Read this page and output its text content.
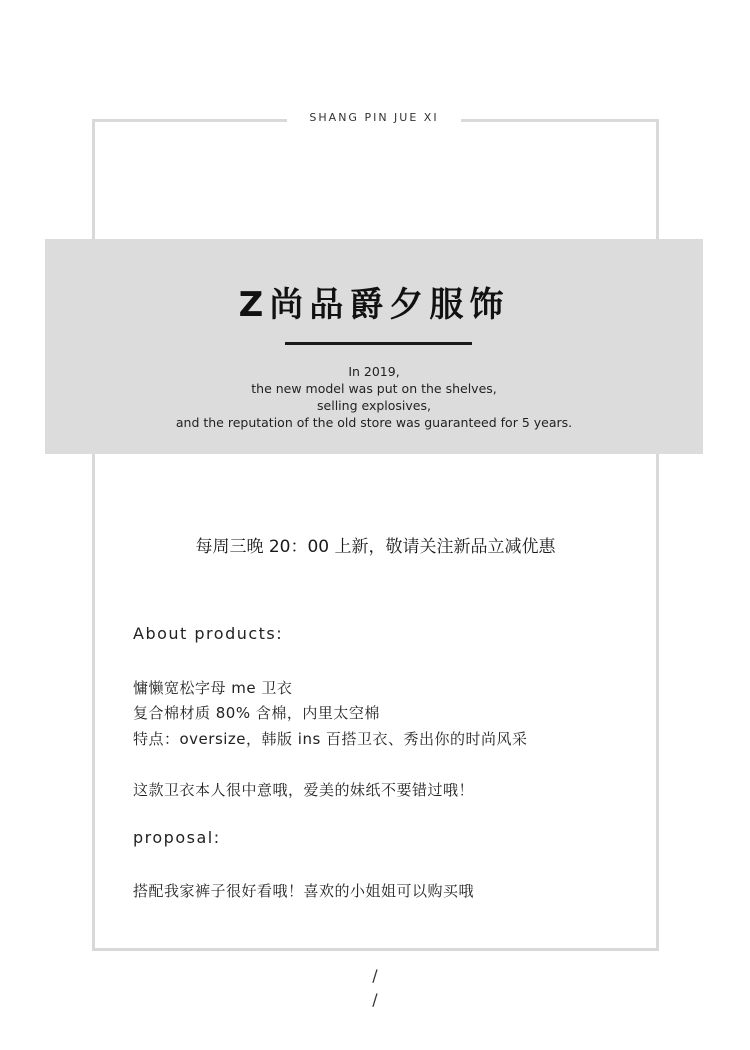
SHANG PIN JUE XI
Z尚品爵夕服饰
In 2019,
the new model was put on the shelves,
selling explosives,
and the reputation of the old store was guaranteed for 5 years.
每周三晚 20：00 上新，敬请关注新品立减优惠
About products:
慵懒宽松字母 me 卫衣
复合棉材质 80% 含棉，内里太空棉
特点：oversize，韩版 ins 百搭卫衣、秀出你的时尚风采
这款卫衣本人很中意哦，爱美的妹纸不要错过哦！
proposal:
搭配我家裤子很好看哦！喜欢的小姐姐可以购买哦
/
/
